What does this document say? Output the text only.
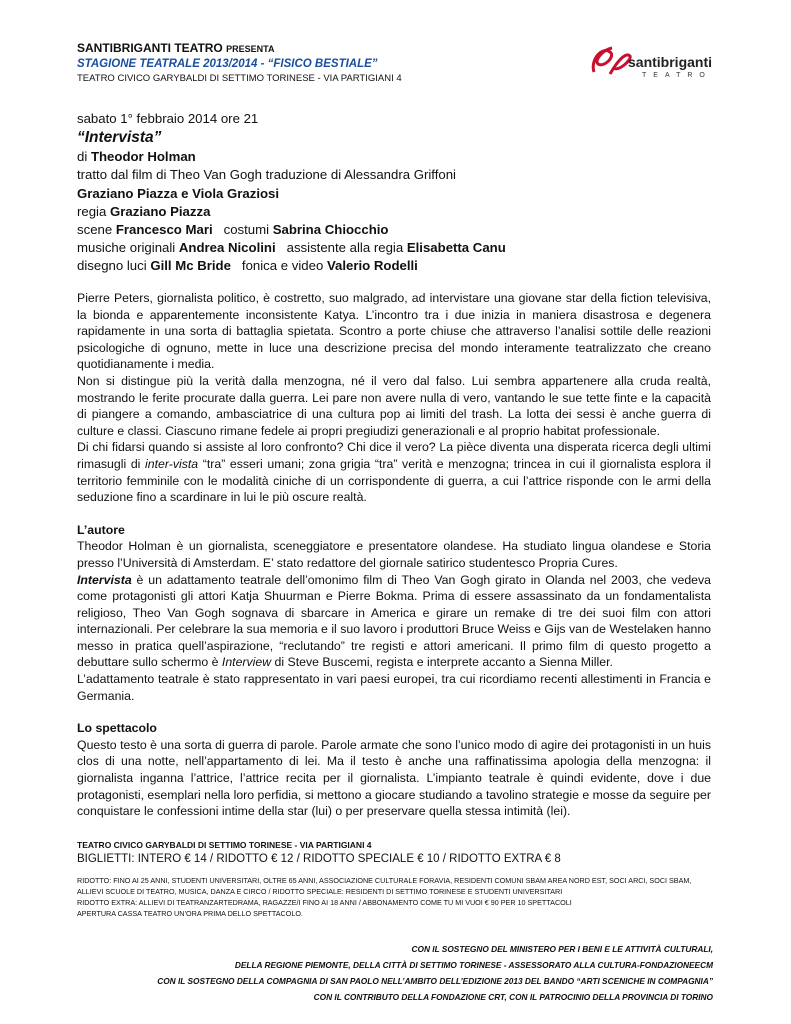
SANTIBRIGANTI TEATRO PRESENTA
STAGIONE TEATRALE 2013/2014 - “FISICO BESTIALE”
TEATRO CIVICO GARYBALDI DI SETTIMO TORINESE - VIA PARTIGIANI 4
santibriganti
TEATRO
sabato 1° febbraio 2014 ore 21
“Intervista”
di Theodor Holman
tratto dal film di Theo Van Gogh traduzione di Alessandra Griffoni
Graziano Piazza e Viola Graziosi
regia Graziano Piazza
scene Francesco Mari   costumi Sabrina Chiocchio
musiche originali Andrea Nicolini   assistente alla regia Elisabetta Canu
disegno luci Gill Mc Bride   fonica e video Valerio Rodelli

Pierre Peters, giornalista politico, è costretto, suo malgrado, ad intervistare una giovane star della fiction televisiva, la bionda e apparentemente inconsistente Katya. L’incontro tra i due inizia in maniera disastrosa e degenera rapidamente in una sorta di battaglia spietata. Scontro a porte chiuse che attraverso l’analisi sottile delle reazioni psicologiche di ognuno, mette in luce una descrizione precisa del mondo interamente teatralizzato che creano quotidianamente i media.

Non si distingue più la verità dalla menzogna, né il vero dal falso. Lui sembra appartenere alla cruda realtà, mostrando le ferite procurate dalla guerra. Lei pare non avere nulla di vero, vantando le sue tette finte e la capacità di piangere a comando, ambasciatrice di una cultura pop ai limiti del trash. La lotta dei sessi è anche guerra di culture e classi. Ciascuno rimane fedele ai propri pregiudizi generazionali e al proprio habitat professionale.

Di chi fidarsi quando si assiste al loro confronto? Chi dice il vero? La pièce diventa una disperata ricerca degli ultimi rimasugli di inter-vista “tra” esseri umani; zona grigia “tra” verità e menzogna; trincea in cui il giornalista esplora il territorio femminile con le modalità ciniche di un corrispondente di guerra, a cui l’attrice risponde con le armi della seduzione fino a scardinare in lui le più oscure realtà.

L’autore

Theodor Holman è un giornalista, sceneggiatore e presentatore olandese. Ha studiato lingua olandese e Storia presso l’Università di Amsterdam. E’ stato redattore del giornale satirico studentesco Propria Cures.

Intervista è un adattamento teatrale dell’omonimo film di Theo Van Gogh girato in Olanda nel 2003, che vedeva come protagonisti gli attori Katja Shuurman e Pierre Bokma. Prima di essere assassinato da un fondamentalista religioso, Theo Van Gogh sognava di sbarcare in America e girare un remake di tre dei suoi film con attori internazionali. Per celebrare la sua memoria e il suo lavoro i produttori Bruce Weiss e Gijs van de Westelaken hanno messo in pratica quell’aspirazione, “reclutando” tre registi e attori americani. Il primo film di questo progetto a debuttare sullo schermo è Interview di Steve Buscemi, regista e interprete accanto a Sienna Miller.

L’adattamento teatrale è stato rappresentato in vari paesi europei, tra cui ricordiamo recenti allestimenti in Francia e Germania.

Lo spettacolo

Questo testo è una sorta di guerra di parole. Parole armate che sono l’unico modo di agire dei protagonisti in un huis clos di una notte, nell’appartamento di lei. Ma il testo è anche una raffinatissima apologia della menzogna: il giornalista inganna l’attrice, l’attrice recita per il giornalista. L’impianto teatrale è quindi evidente, dove i due protagonisti, esemplari nella loro perfidia, si mettono a giocare studiando a tavolino strategie e mosse da seguire per conquistare le confessioni intime della star (lui) o per preservare quella stessa intimità (lei).

TEATRO CIVICO GARYBALDI DI SETTIMO TORINESE - VIA PARTIGIANI 4
BIGLIETTI: INTERO € 14 / RIDOTTO € 12 / RIDOTTO SPECIALE € 10 / RIDOTTO EXTRA € 8

RIDOTTO: FINO AI 25 ANNI, STUDENTI UNIVERSITARI, OLTRE 65 ANNI, ASSOCIAZIONE CULTURALE FORAVIA, RESIDENTI COMUNI SBAM AREA NORD EST, SOCI ARCI, SOCI SBAM, ALLIEVI SCUOLE DI TEATRO, MUSICA, DANZA E CIRCO / RIDOTTO SPECIALE: RESIDENTI DI SETTIMO TORINESE E STUDENTI UNIVERSITARI

RIDOTTO EXTRA: ALLIEVI DI TEATRANZARTEDRAMA, RAGAZZE/I FINO AI 18 ANNI / ABBONAMENTO COME TU MI VUOI € 90 PER 10 SPETTACOLI

APERTURA CASSA TEATRO UN’ORA PRIMA DELLO SPETTACOLO.

CON IL SOSTEGNO DEL MINISTERO PER I BENI E LE ATTIVITÀ CULTURALI,
DELLA REGIONE PIEMONTE, DELLA CITTÀ DI SETTIMO TORINESE - ASSESSORATO ALLA CULTURA-FONDAZIONEECM
CON IL SOSTEGNO DELLA COMPAGNIA DI SAN PAOLO NELL’AMBITO DELL’EDIZIONE 2013 DEL BANDO “ARTI SCENICHE IN COMPAGNIA”
CON IL CONTRIBUTO DELLA FONDAZIONE CRT, CON IL PATROCINIO DELLA PROVINCIA DI TORINO
